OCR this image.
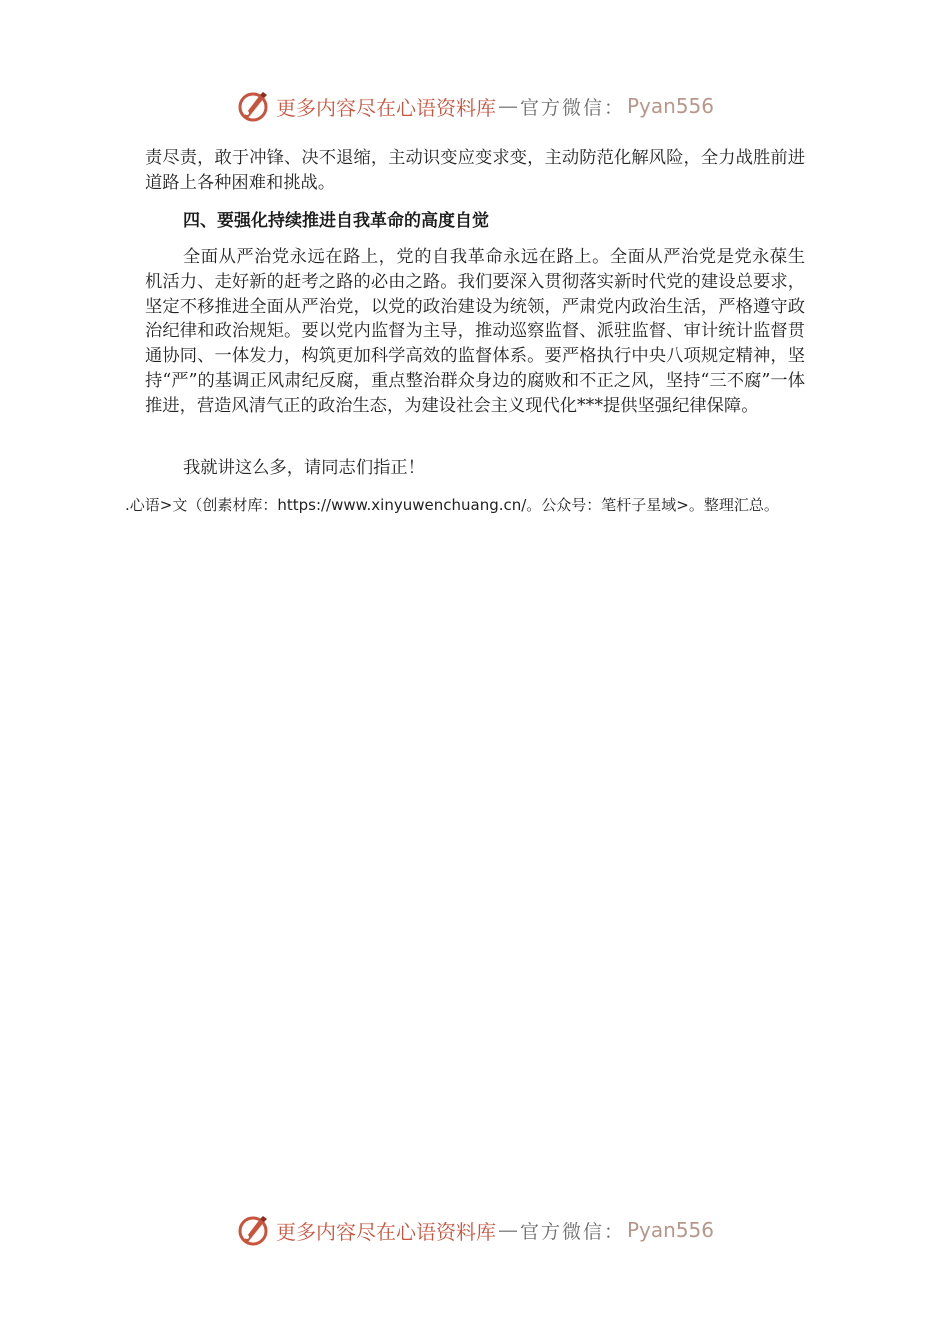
更多内容尽在心语资料库 — 官方微信： Pyan556

责尽责，敢于冲锋、决不退缩，主动识变应变求变，主动防范化解风险，全力战胜前进道路上各种困难和挑战。

四、要强化持续推进自我革命的高度自觉

全面从严治党永远在路上，党的自我革命永远在路上。全面从严治党是党永葆生机活力、走好新的赶考之路的必由之路。我们要深入贯彻落实新时代党的建设总要求，坚定不移推进全面从严治党，以党的政治建设为统领，严肃党内政治生活，严格遵守政治纪律和政治规矩。要以党内监督为主导，推动巡察监督、派驻监督、审计统计监督贯通协同、一体发力，构筑更加科学高效的监督体系。要严格执行中央八项规定精神，坚持“严”的基调正风肃纪反腐，重点整治群众身边的腐败和不正之风，坚持“三不腐”一体推进，营造风清气正的政治生态，为建设社会主义现代化***提供坚强纪律保障。

我就讲这么多，请同志们指正！

.心语>文（创素材库：https://www.xinyuwenchuang.cn/。公众号：笔杆子星域>。整理汇总。

更多内容尽在心语资料库 — 官方微信： Pyan556
